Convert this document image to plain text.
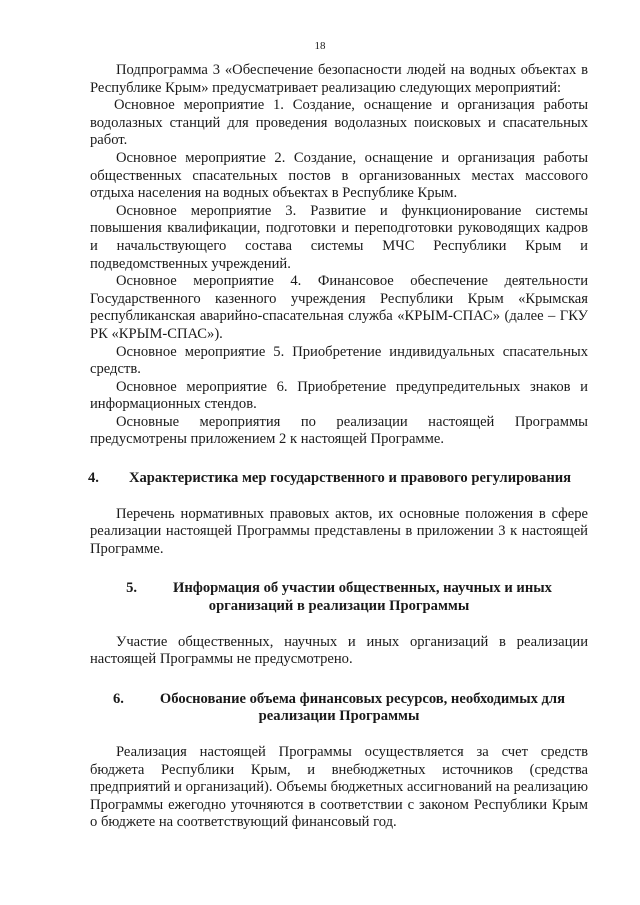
18

Подпрограмма 3 «Обеспечение безопасности людей на водных объектах в Республике Крым» предусматривает реализацию следующих мероприятий:

Основное мероприятие 1. Создание, оснащение и организация работы водолазных станций для проведения водолазных поисковых и спасательных работ.

Основное мероприятие 2. Создание, оснащение и организация работы общественных спасательных постов в организованных местах массового отдыха населения на водных объектах в Республике Крым.

Основное мероприятие 3. Развитие и функционирование системы повышения квалификации, подготовки и переподготовки руководящих кадров и начальствующего состава системы МЧС Республики Крым и подведомственных учреждений.

Основное мероприятие 4. Финансовое обеспечение деятельности Государственного казенного учреждения Республики Крым «Крымская республиканская аварийно-спасательная служба «КРЫМ-СПАС» (далее – ГКУ РК «КРЫМ-СПАС»).

Основное мероприятие 5. Приобретение индивидуальных спасательных средств.

Основное мероприятие 6. Приобретение предупредительных знаков и информационных стендов.

Основные мероприятия по реализации настоящей Программы предусмотрены приложением 2 к настоящей Программе.

4. Характеристика мер государственного и правового регулирования

Перечень нормативных правовых актов, их основные положения в сфере реализации настоящей Программы представлены в приложении 3 к настоящей Программе.

5. Информация об участии общественных, научных и иных
организаций в реализации Программы

Участие общественных, научных и иных организаций в реализации настоящей Программы не предусмотрено.

6. Обоснование объема финансовых ресурсов, необходимых для
реализации Программы

Реализация настоящей Программы осуществляется за счет средств бюджета Республики Крым, и внебюджетных источников (средства предприятий и организаций). Объемы бюджетных ассигнований на реализацию Программы ежегодно уточняются в соответствии с законом Республики Крым о бюджете на соответствующий финансовый год.
